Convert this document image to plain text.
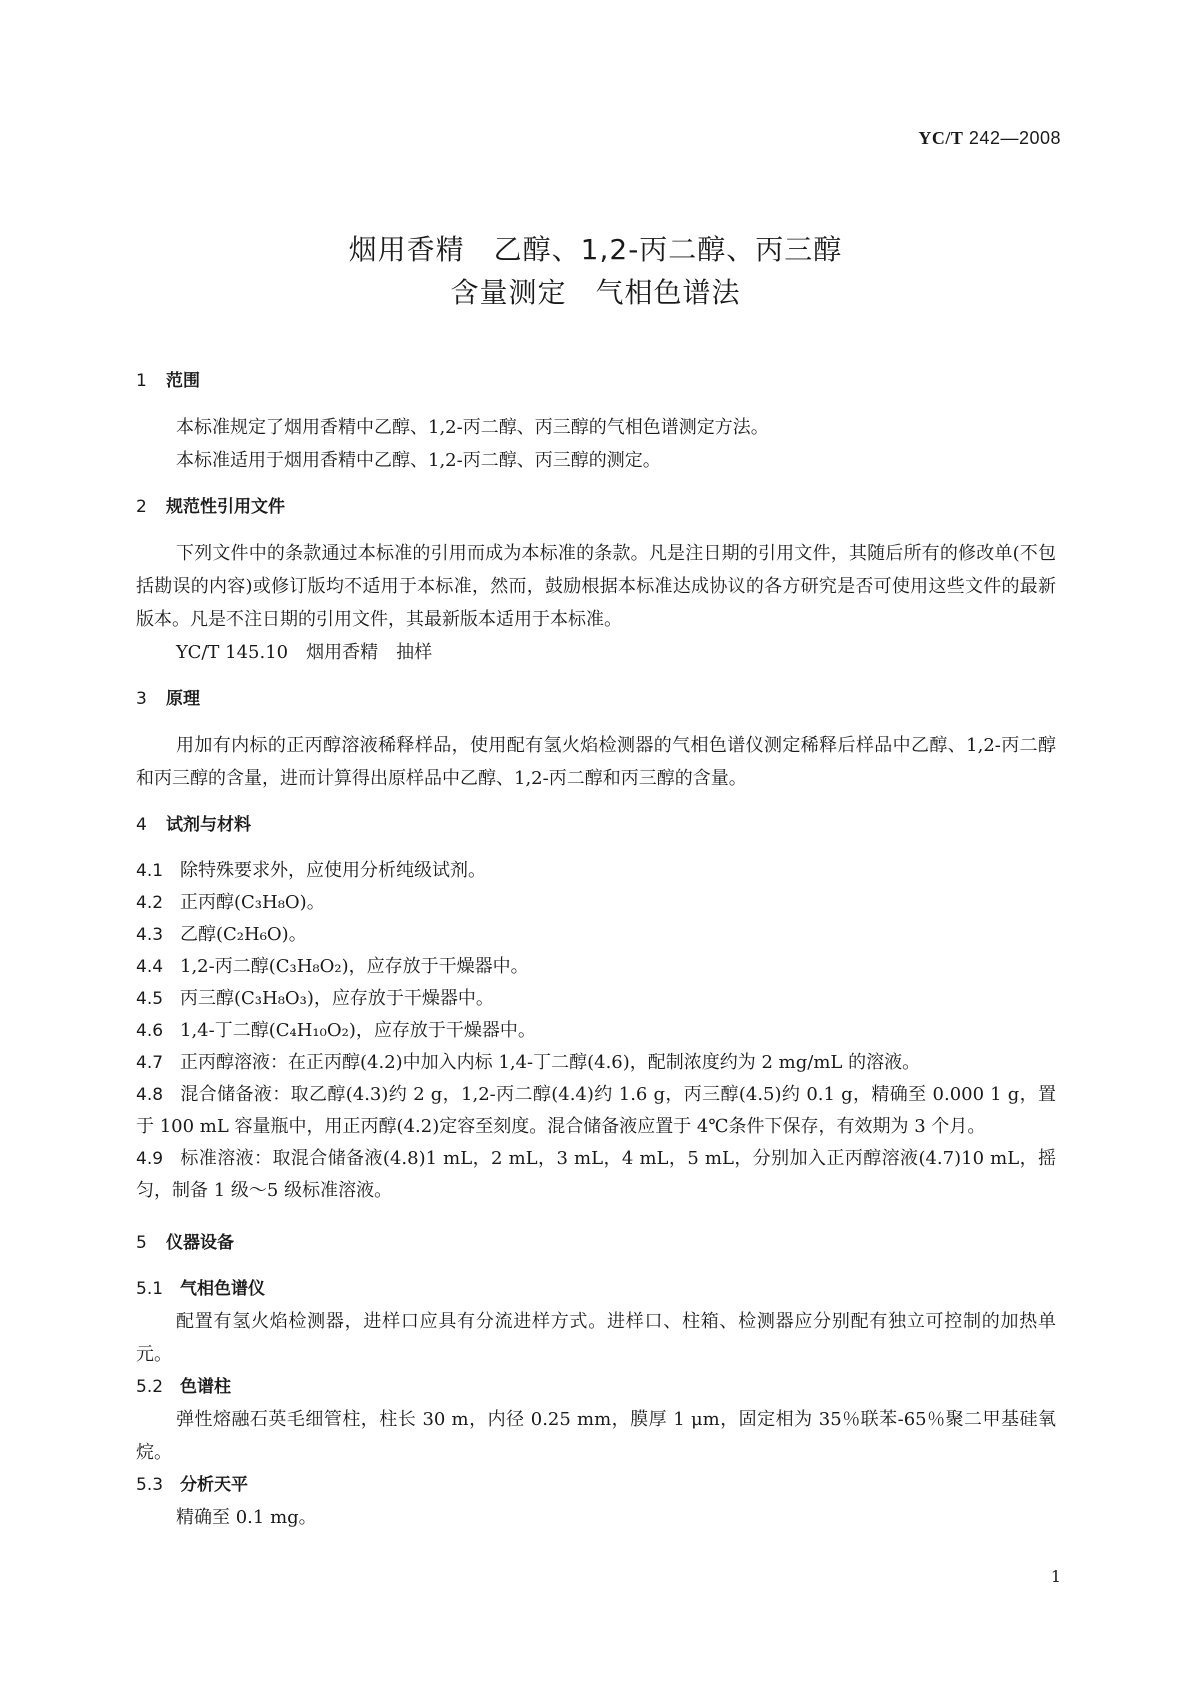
YC/T 242—2008
烟用香精　乙醇、1,2-丙二醇、丙三醇
含量测定　气相色谱法

1 范围

本标准规定了烟用香精中乙醇、1,2-丙二醇、丙三醇的气相色谱测定方法。

本标准适用于烟用香精中乙醇、1,2-丙二醇、丙三醇的测定。

2 规范性引用文件

下列文件中的条款通过本标准的引用而成为本标准的条款。凡是注日期的引用文件，其随后所有的修改单(不包括勘误的内容)或修订版均不适用于本标准，然而，鼓励根据本标准达成协议的各方研究是否可使用这些文件的最新版本。凡是不注日期的引用文件，其最新版本适用于本标准。

YC/T 145.10　烟用香精　抽样

3 原理

用加有内标的正丙醇溶液稀释样品，使用配有氢火焰检测器的气相色谱仪测定稀释后样品中乙醇、1,2-丙二醇和丙三醇的含量，进而计算得出原样品中乙醇、1,2-丙二醇和丙三醇的含量。

4 试剂与材料

4.1 除特殊要求外，应使用分析纯级试剂。

4.2 正丙醇(C₃H₈O)。

4.3 乙醇(C₂H₆O)。

4.4 1,2-丙二醇(C₃H₈O₂)，应存放于干燥器中。

4.5 丙三醇(C₃H₈O₃)，应存放于干燥器中。

4.6 1,4-丁二醇(C₄H₁₀O₂)，应存放于干燥器中。

4.7 正丙醇溶液：在正丙醇(4.2)中加入内标 1,4-丁二醇(4.6)，配制浓度约为 2 mg/mL 的溶液。

4.8 混合储备液：取乙醇(4.3)约 2 g，1,2-丙二醇(4.4)约 1.6 g，丙三醇(4.5)约 0.1 g，精确至 0.000 1 g，置于 100 mL 容量瓶中，用正丙醇(4.2)定容至刻度。混合储备液应置于 4℃条件下保存，有效期为 3 个月。

4.9 标准溶液：取混合储备液(4.8)1 mL，2 mL，3 mL，4 mL，5 mL，分别加入正丙醇溶液(4.7)10 mL，摇匀，制备 1 级～5 级标准溶液。

5 仪器设备

5.1 气相色谱仪

配置有氢火焰检测器，进样口应具有分流进样方式。进样口、柱箱、检测器应分别配有独立可控制的加热单元。

5.2 色谱柱

弹性熔融石英毛细管柱，柱长 30 m，内径 0.25 mm，膜厚 1 μm，固定相为 35％联苯-65％聚二甲基硅氧烷。

5.3 分析天平

精确至 0.1 mg。

1
